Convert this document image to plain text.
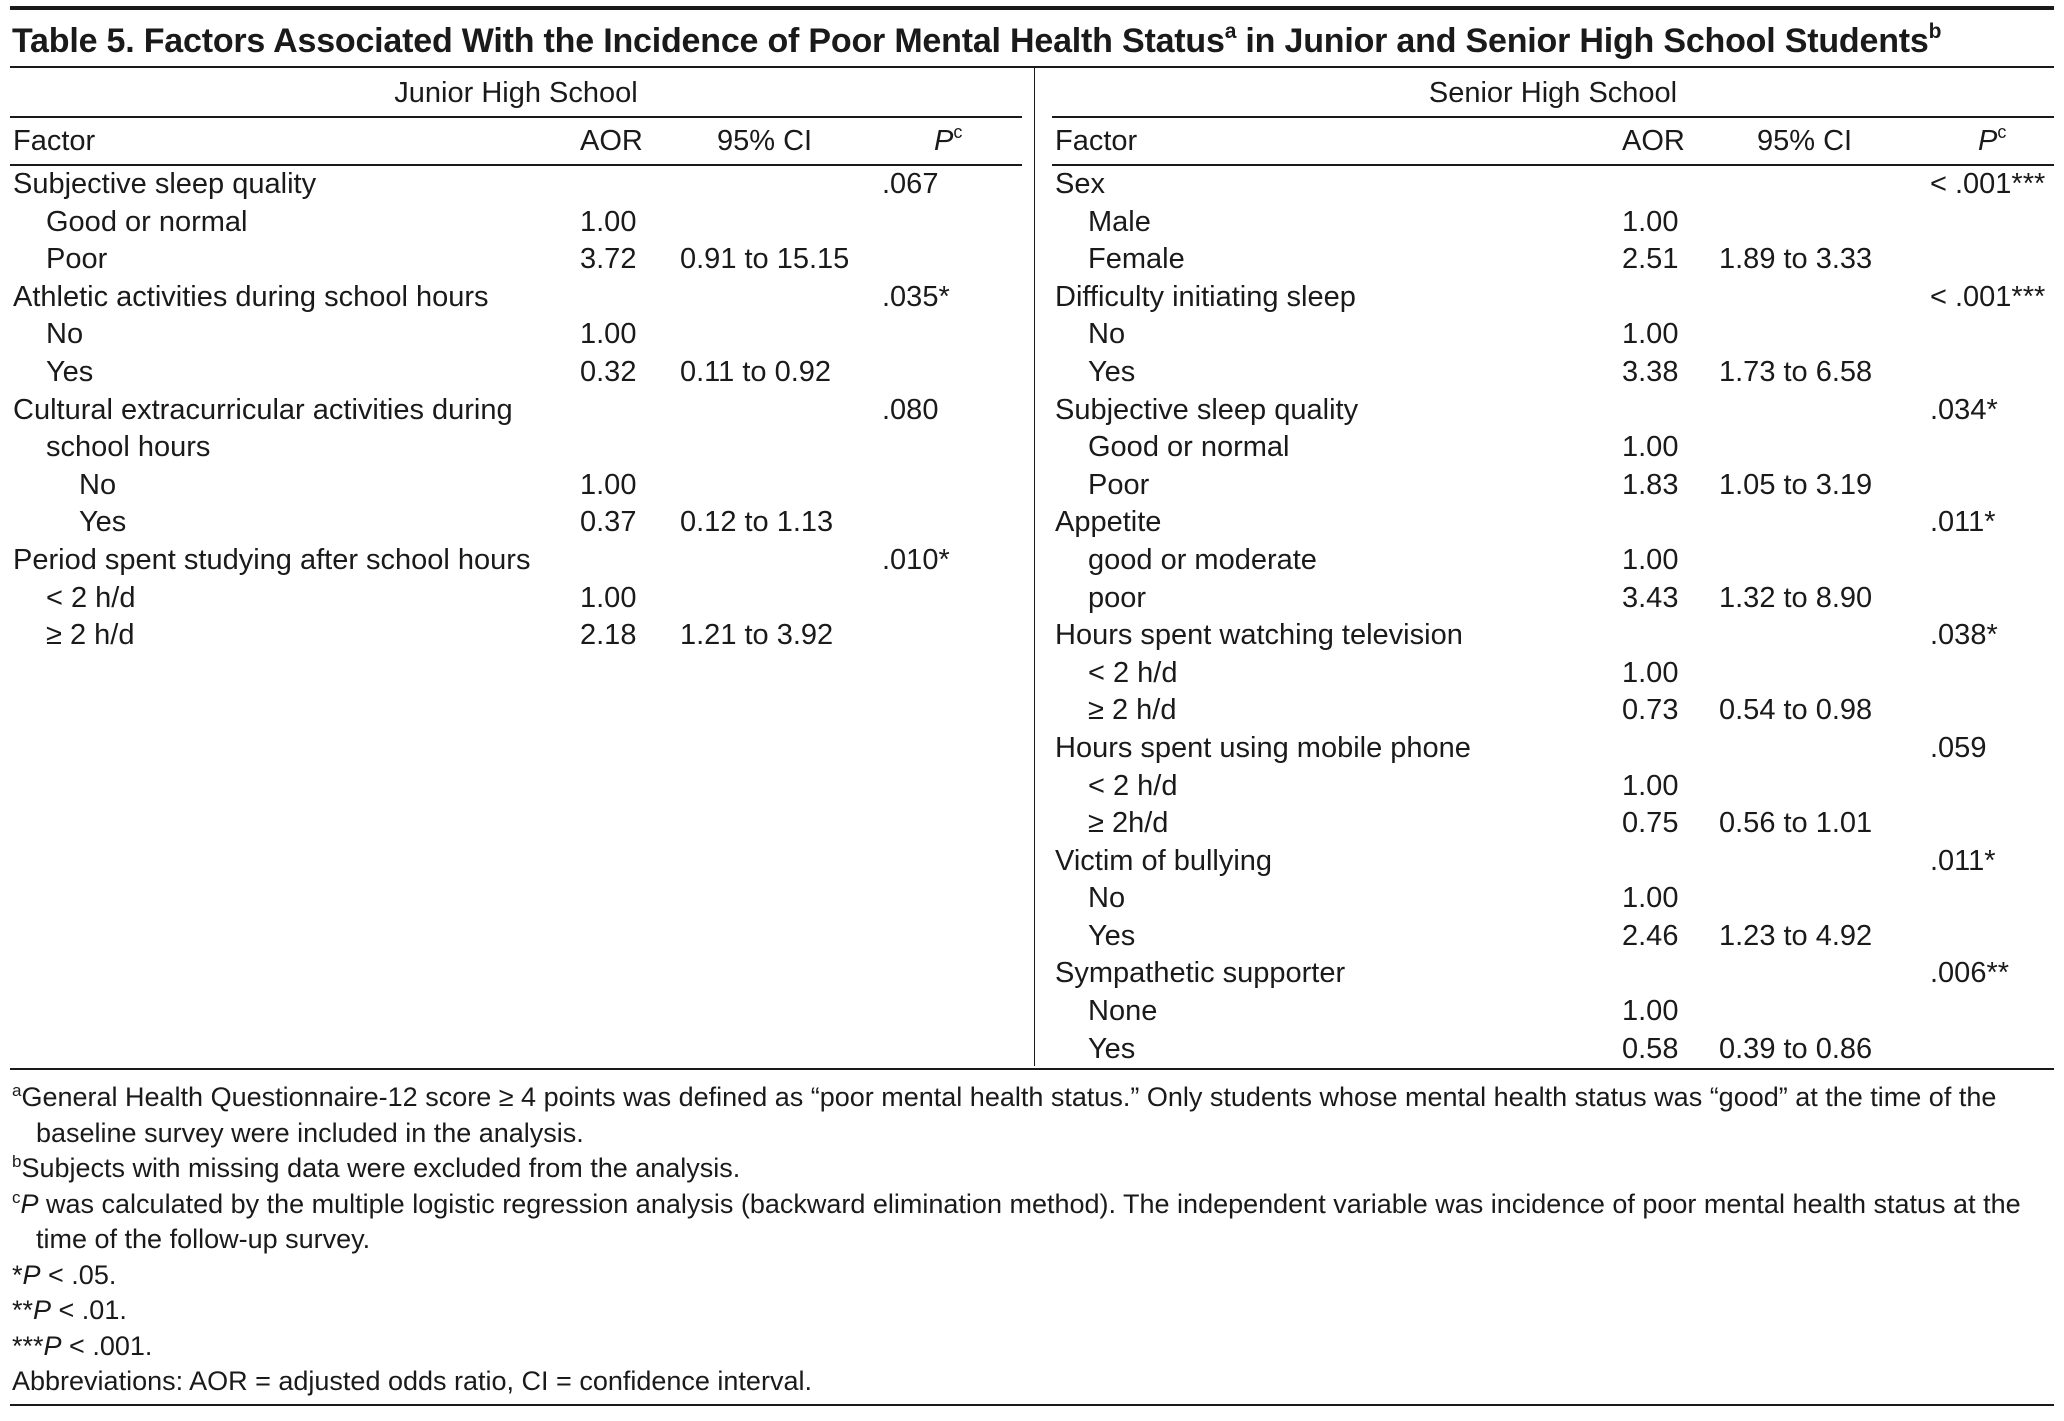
Table 5. Factors Associated With the Incidence of Poor Mental Health Status$^a$ in Junior and Senior High School Students$^b$
Junior High School
Factor	AOR	95% CI	$P^c$
Subjective sleep quality	.067
Good or normal	1.00
Poor	3.72 0.91 to 15.15
Athletic activities during school hours	.035*
No	1.00
Yes	0.32 0.11 to 0.92
Cultural extracurricular activities during	.080
school hours
No	1.00
Yes	0.37 0.12 to 1.13
Period spent studying after school hours	.010*
< 2 h/d	1.00
≥ 2 h/d	2.18 1.21 to 3.92
Senior High School
Factor	AOR 95% CI	$P^c$
Sex	< .001***
Male	1.00
Female	2.51 1.89 to 3.33
Difficulty initiating sleep	< .001***
No	1.00
Yes	3.38 1.73 to 6.58
Subjective sleep quality	.034*
Good or normal	1.00
Poor	1.83 1.05 to 3.19
Appetite	.011*
good or moderate	1.00
poor	3.43 1.32 to 8.90
Hours spent watching television	.038*
< 2 h/d	1.00
≥ 2 h/d	0.73 0.54 to 0.98
Hours spent using mobile phone	.059
< 2 h/d	1.00
≥ 2h/d	0.75 0.56 to 1.01
Victim of bullying	.011*
No	1.00
Yes	2.46 1.23 to 4.92
Sympathetic supporter	.006**
None	1.00
Yes	0.58 0.39 to 0.86
$^a$General Health Questionnaire-12 score ≥ 4 points was defined as “poor mental health status.” Only students whose mental health status was “good” at the time of the baseline survey were included in the analysis.
$^b$Subjects with missing data were excluded from the analysis.
$^c$P was calculated by the multiple logistic regression analysis (backward elimination method). The independent variable was incidence of poor mental health status at the time of the follow-up survey.
*P < .05.
**P < .01.
***P < .001.
Abbreviations: AOR = adjusted odds ratio, CI = confidence interval.
